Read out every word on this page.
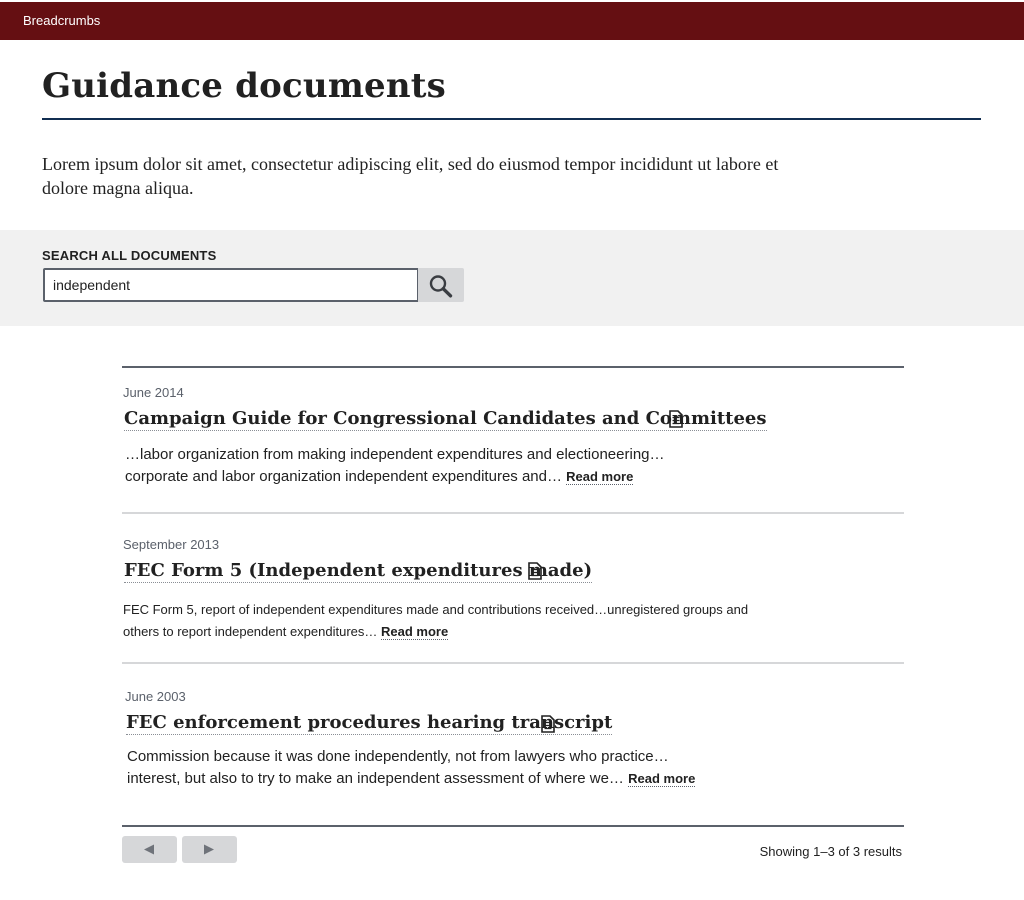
Breadcrumbs
Guidance documents

Lorem ipsum dolor sit amet, consectetur adipiscing elit, sed do eiusmod tempor incididunt ut labore et dolore magna aliqua.

SEARCH ALL DOCUMENTS
independent
June 2014
Campaign Guide for Congressional Candidates and Committees

…labor organization from making independent expenditures and electioneering…

corporate and labor organization independent expenditures and… Read more

September 2013
FEC Form 5 (Independent expenditures made)

FEC Form 5, report of independent expenditures made and contributions received…unregistered groups and

others to report independent expenditures… Read more

June 2003
FEC enforcement procedures hearing transcript

Commission because it was done independently, not from lawyers who practice…

interest, but also to try to make an independent assessment of where we… Read more

Showing 1–3 of 3 results
